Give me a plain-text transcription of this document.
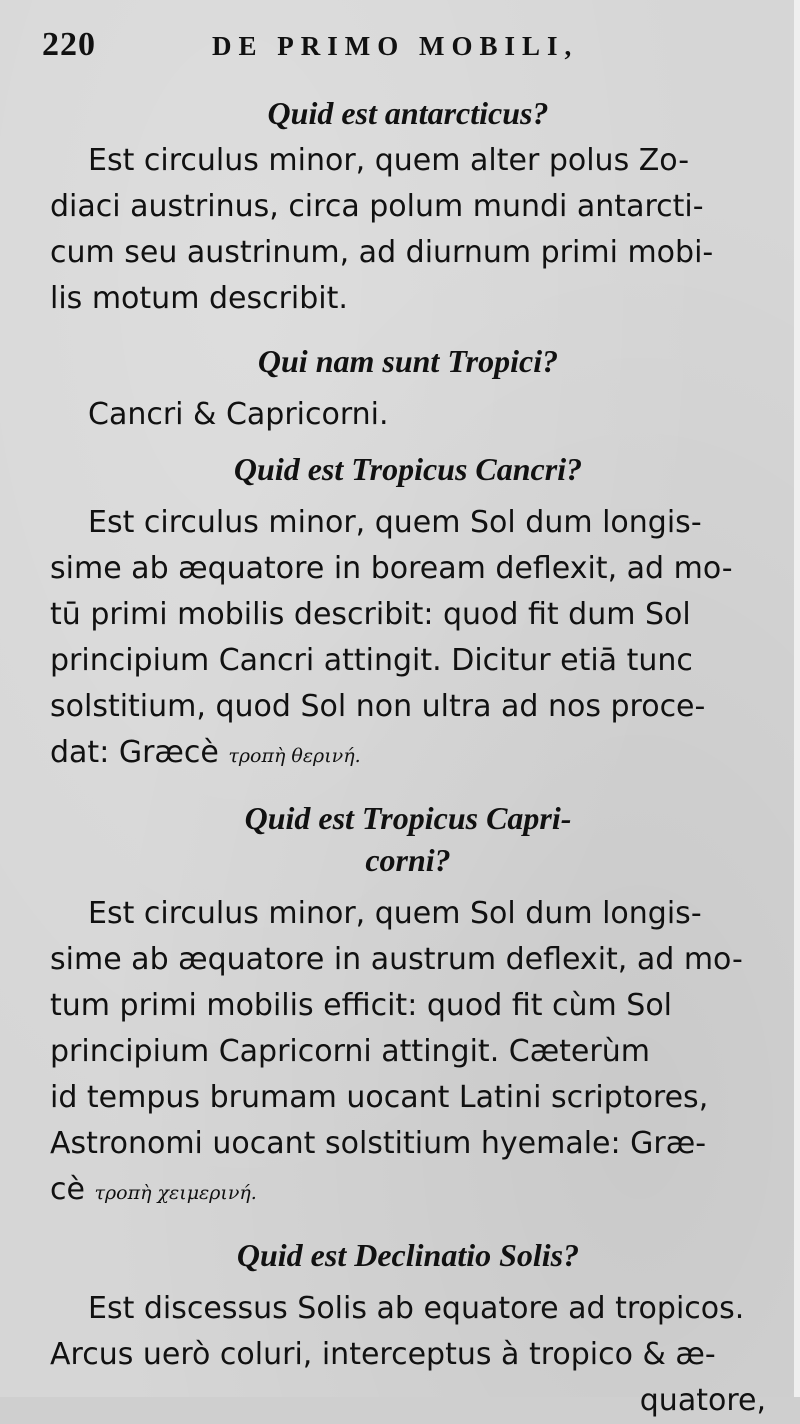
220	DE PRIMO MOBILI,

Quid est antarcticus?

Est circulus minor, quem alter polus Zo-
diaci austrinus, circa polum mundi antarcti-
cum seu austrinum, ad diurnum primi mobi-
lis motum describit.

Qui nam sunt Tropici?

Cancri & Capricorni.

Quid est Tropicus Cancri?

Est circulus minor, quem Sol dum longis-
sime ab æquatore in boream deflexit, ad mo-
tū primi mobilis describit: quod fit dum Sol
principium Cancri attingit. Dicitur etiā tunc
solstitium, quod Sol non ultra ad nos proce-
dat: Græcè τροπὴ θερινή.

Quid est Tropicus Capri-
corni?

Est circulus minor, quem Sol dum longis-
sime ab æquatore in austrum deflexit, ad mo-
tum primi mobilis efficit: quod fit cùm Sol
principium Capricorni attingit. Cæterùm
id tempus brumam uocant Latini scriptores,
Astronomi uocant solstitium hyemale: Græ-
cè τροπὴ χειμερινή.

Quid est Declinatio Solis?

Est discessus Solis ab equatore ad tropicos.
Arcus uerò coluri, interceptus à tropico & æ-
quatore,
